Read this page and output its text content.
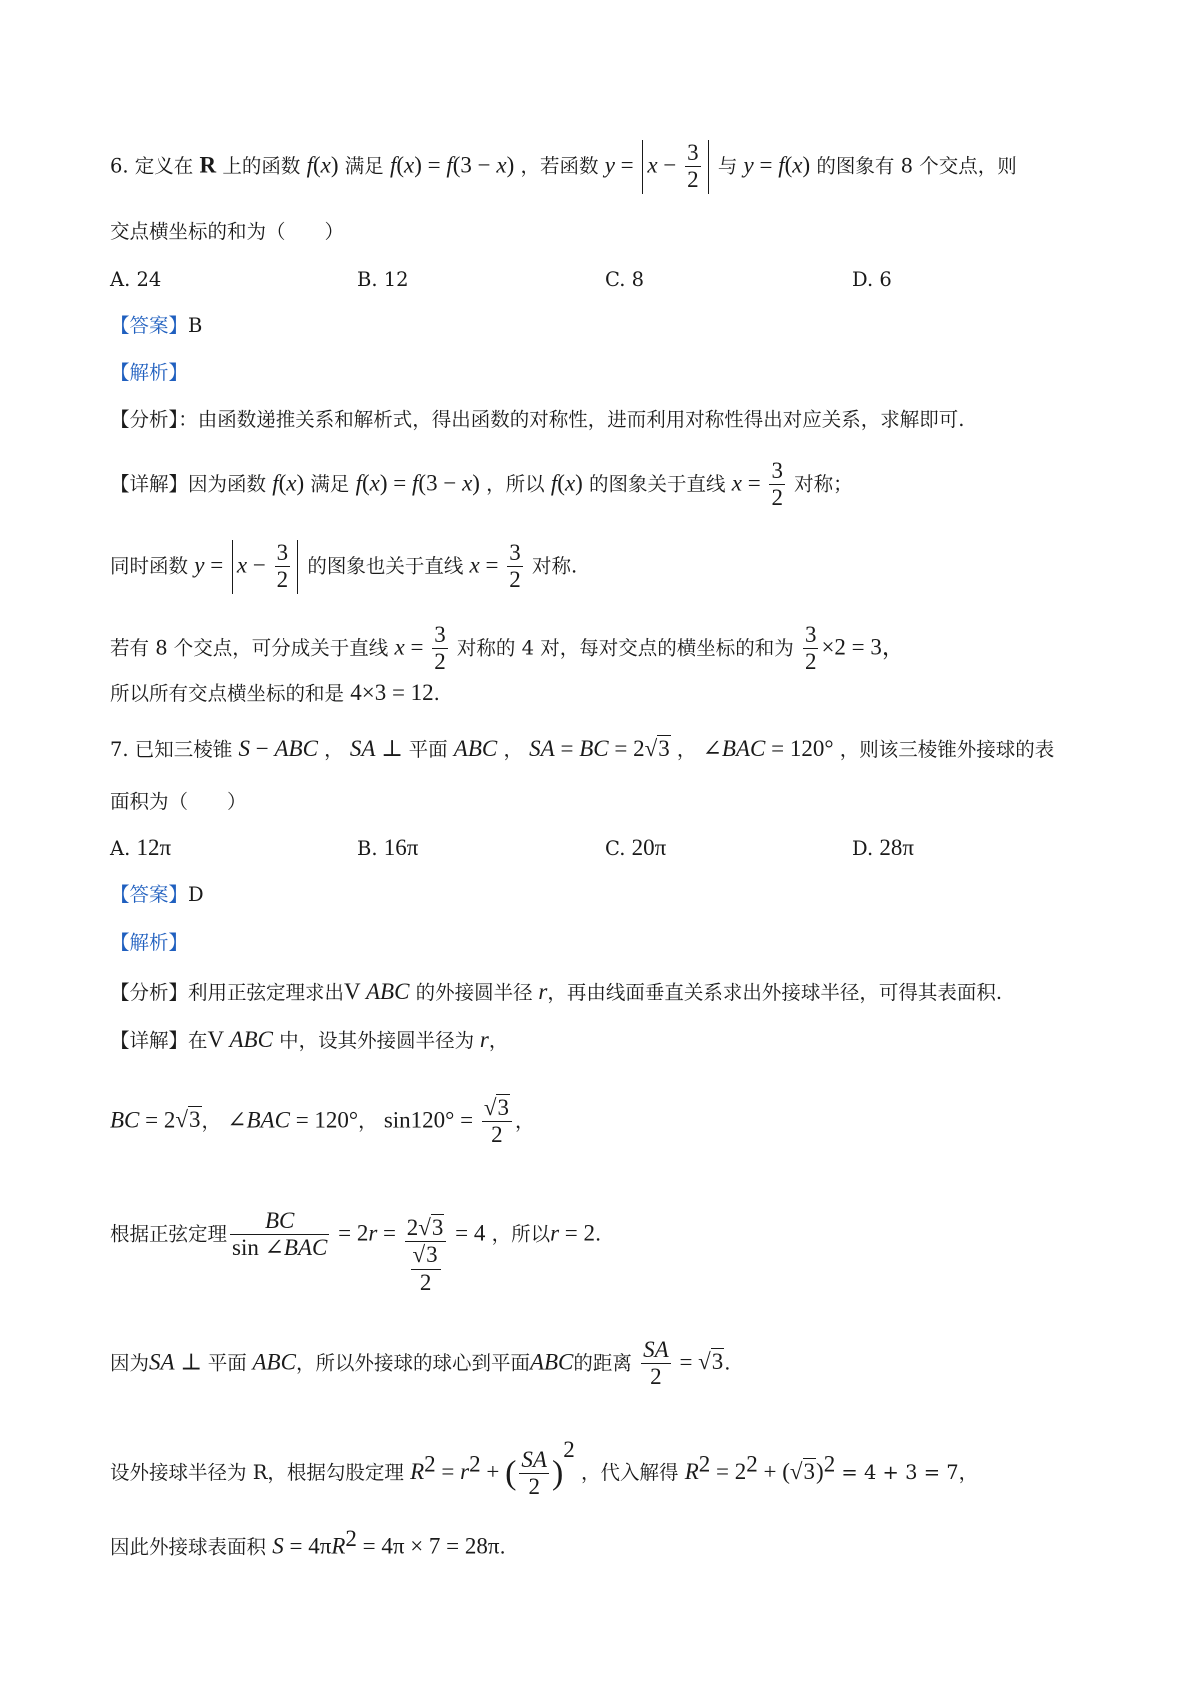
6. 定义在 R 上的函数 f(x) 满足 f(x) = f(3 − x) ，若函数 $y = x - \frac{3}{2}$ 与 y = f(x) 的图象有 8 个交点，则
交点横坐标的和为（　　）
A. 24	B. 12	C. 8	D. 6
【答案】B
【解析】
【分析】：由函数递推关系和解析式，得出函数的对称性，进而利用对称性得出对应关系，求解即可.
【详解】因为函数 f(x) 满足 f(x) = f(3 − x) ，所以 f(x) 的图象关于直线 $x = \frac{3}{2}$ 对称；
同时函数 $y = x - \frac{3}{2}$ 的图象也关于直线 $x = \frac{3}{2}$ 对称.
若有 8 个交点，可分成关于直线 $x = \frac{3}{2}$ 对称的 4 对，每对交点的横坐标的和为 $\frac{3}{2} \times 2 = 3$，
所以所有交点横坐标的和是 4×3 = 12.
7. 已知三棱锥 S − ABC ， SA ⊥ 平面 ABC ， SA = BC = 2√3 ， ∠BAC = 120° ，则该三棱锥外接球的表
面积为（　　）
A. 12π	B. 16π	C. 20π	D. 28π
【答案】D
【解析】
【分析】利用正弦定理求出V ABC 的外接圆半径 r，再由线面垂直关系求出外接球半径，可得其表面积.
【详解】在V ABC 中，设其外接圆半径为 r，
BC = 2√3， ∠BAC = 120°， $\sin 120^\circ = \frac{√3}{2}$ ，
根据正弦定理 $\frac{BC}{\text{sin ∠BAC}} = 2r = \frac{2√3}{\frac{√3}{2}} = 4$ ，所以r = 2.
因为SA ⊥ 平面 ABC，所以外接球的球心到平面ABC的距离 $\frac{SA}{2} = √3$.
设外接球半径为 R，根据勾股定理 $R^2 = r^2$ + ( $\frac{SA}{2} )^2$ ，代入解得 $R^2 = 2^2 + (√3)^2 = 4 + 3 = 7$，
因此外接球表面积 $S = 4\pi R^2 = 4\pi \times 7 = 28\pi$.
